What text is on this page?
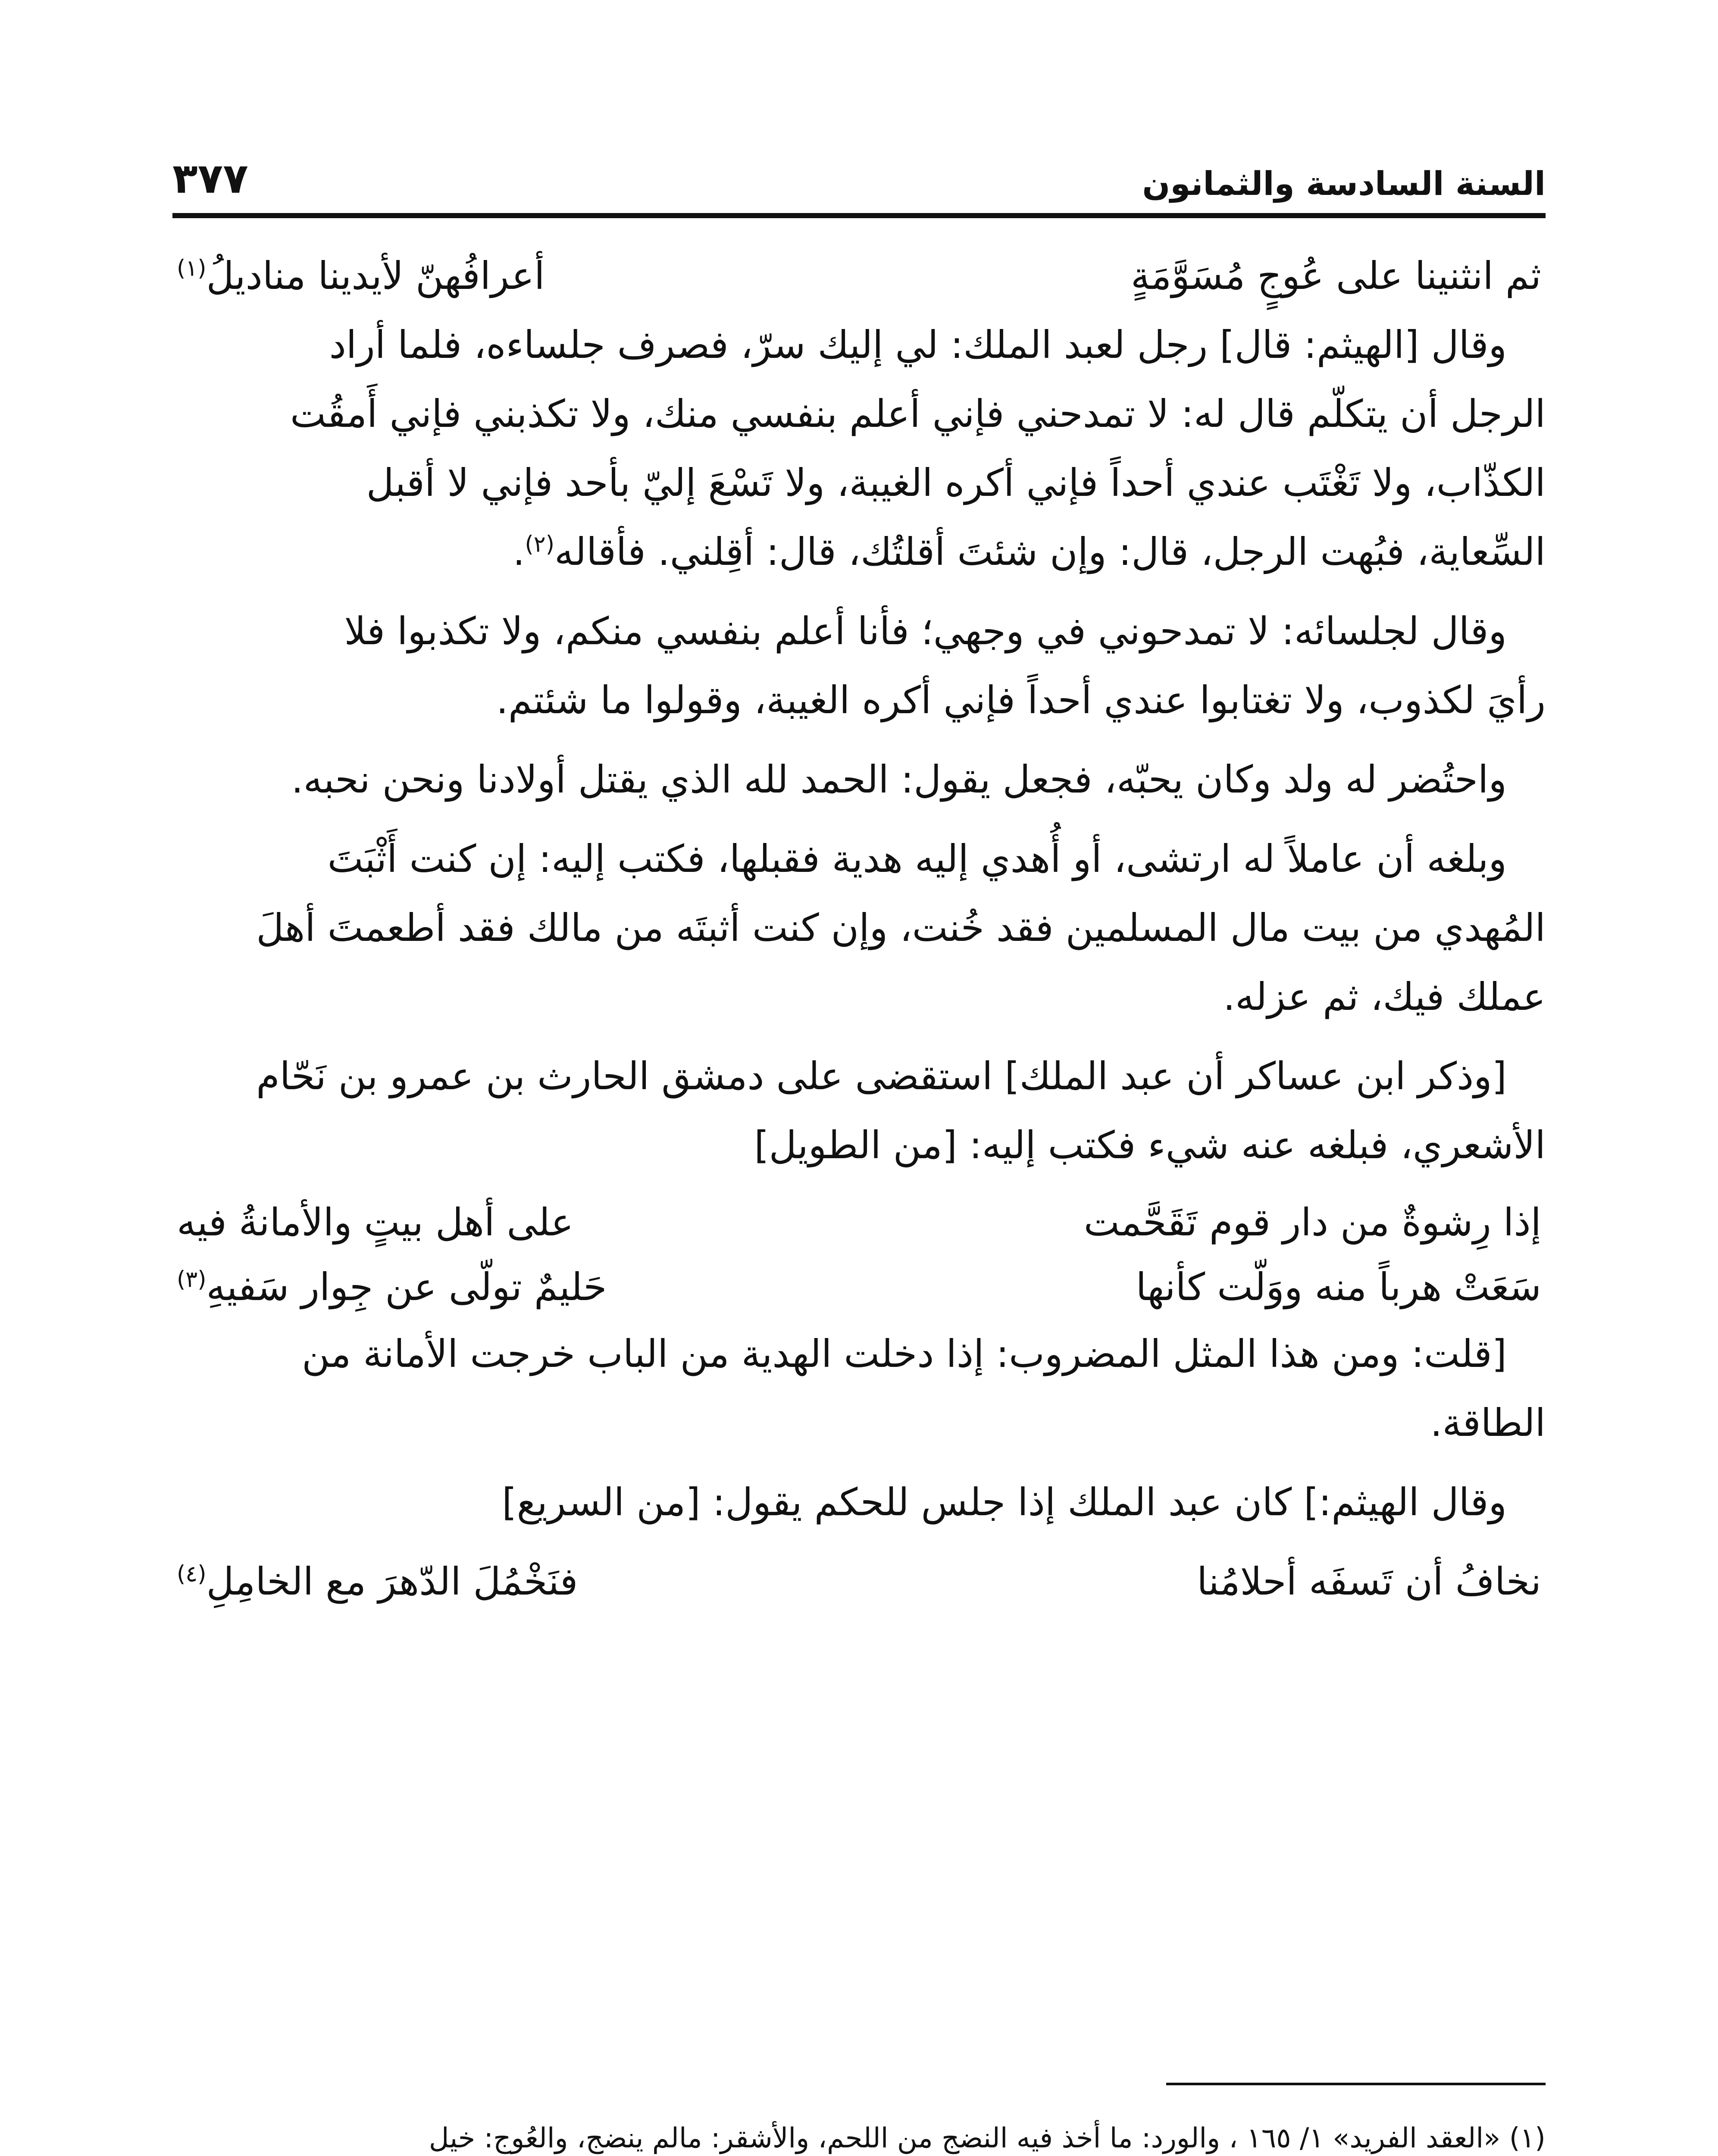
السنة السادسة والثمانون
٣٧٧
ثم انثنينا على عُوجٍ مُسَوَّمَةٍ
أعرافُهنّ لأيدينا مناديلُ$^{(١)}$
وقال [الهيثم: قال] رجل لعبد الملك: لي إليك سرّ، فصرف جلساءه، فلما أراد
الرجل أن يتكلّم قال له: لا تمدحني فإني أعلم بنفسي منك، ولا تكذبني فإني أَمقُت
الكذّاب، ولا تَغْتَب عندي أحداً فإني أكره الغيبة، ولا تَسْعَ إليّ بأحد فإني لا أقبل
السِّعاية، فبُهت الرجل، قال: وإن شئتَ أقلتُك، قال: أقِلني. فأقاله$^{(٢)}$.
وقال لجلسائه: لا تمدحوني في وجهي؛ فأنا أعلم بنفسي منكم، ولا تكذبوا فلا
رأيَ لكذوب، ولا تغتابوا عندي أحداً فإني أكره الغيبة، وقولوا ما شئتم.
واحتُضر له ولد وكان يحبّه، فجعل يقول: الحمد لله الذي يقتل أولادنا ونحن نحبه.
وبلغه أن عاملاً له ارتشى، أو أُهدي إليه هدية فقبلها، فكتب إليه: إن كنت أَثْبَتَ
المُهدي من بيت مال المسلمين فقد خُنت، وإن كنت أثبتَه من مالك فقد أطعمتَ أهلَ
عملك فيك، ثم عزله.
[وذكر ابن عساكر أن عبد الملك] استقضى على دمشق الحارث بن عمرو بن نَحّام
الأشعري، فبلغه عنه شيء فكتب إليه: [من الطويل]
إذا رِشوةٌ من دار قوم تَقَحَّمت
على أهل بيتٍ والأمانةُ فيه
سَعَتْ هرباً منه ووَلّت كأنها
حَليمٌ تولّى عن جِوار سَفيهِ$^{(٣)}$
[قلت: ومن هذا المثل المضروب: إذا دخلت الهدية من الباب خرجت الأمانة من
الطاقة.
وقال الهيثم:] كان عبد الملك إذا جلس للحكم يقول: [من السريع]
نخافُ أن تَسفَه أحلامُنا
فنَخْمُلَ الدّهرَ مع الخامِلِ$^{(٤)}$
(١) «العقد الفريد» ١/ ١٦٥ ، والورد: ما أخذ فيه النضج من اللحم، والأشقر: مالم ينضج، والعُوج: خيل
